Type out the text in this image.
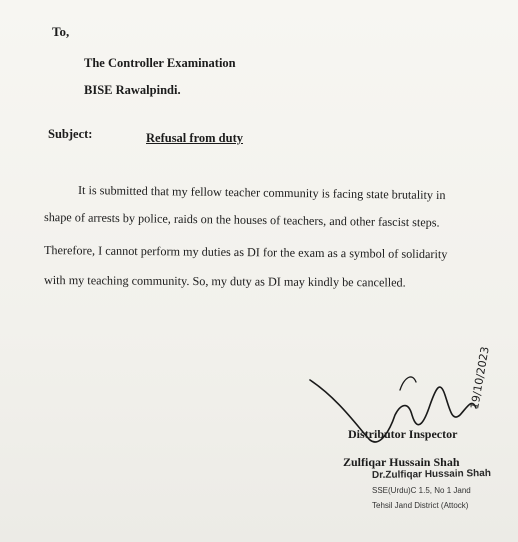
To,
The Controller Examination
BISE Rawalpindi.
Subject:	Refusal from duty
It is submitted that my fellow teacher community is facing state brutality in
shape of arrests by police, raids on the houses of teachers, and other fascist steps.
Therefore, I cannot perform my duties as DI for the exam as a symbol of solidarity
with my teaching community. So, my duty as DI may kindly be cancelled.
19/10/2023
Distributor Inspector
Zulfiqar Hussain Shah
Dr.Zulfiqar Hussain Shah
SSE(Urdu)C 1.5, No 1 Jand
Tehsil Jand District (Attock)
